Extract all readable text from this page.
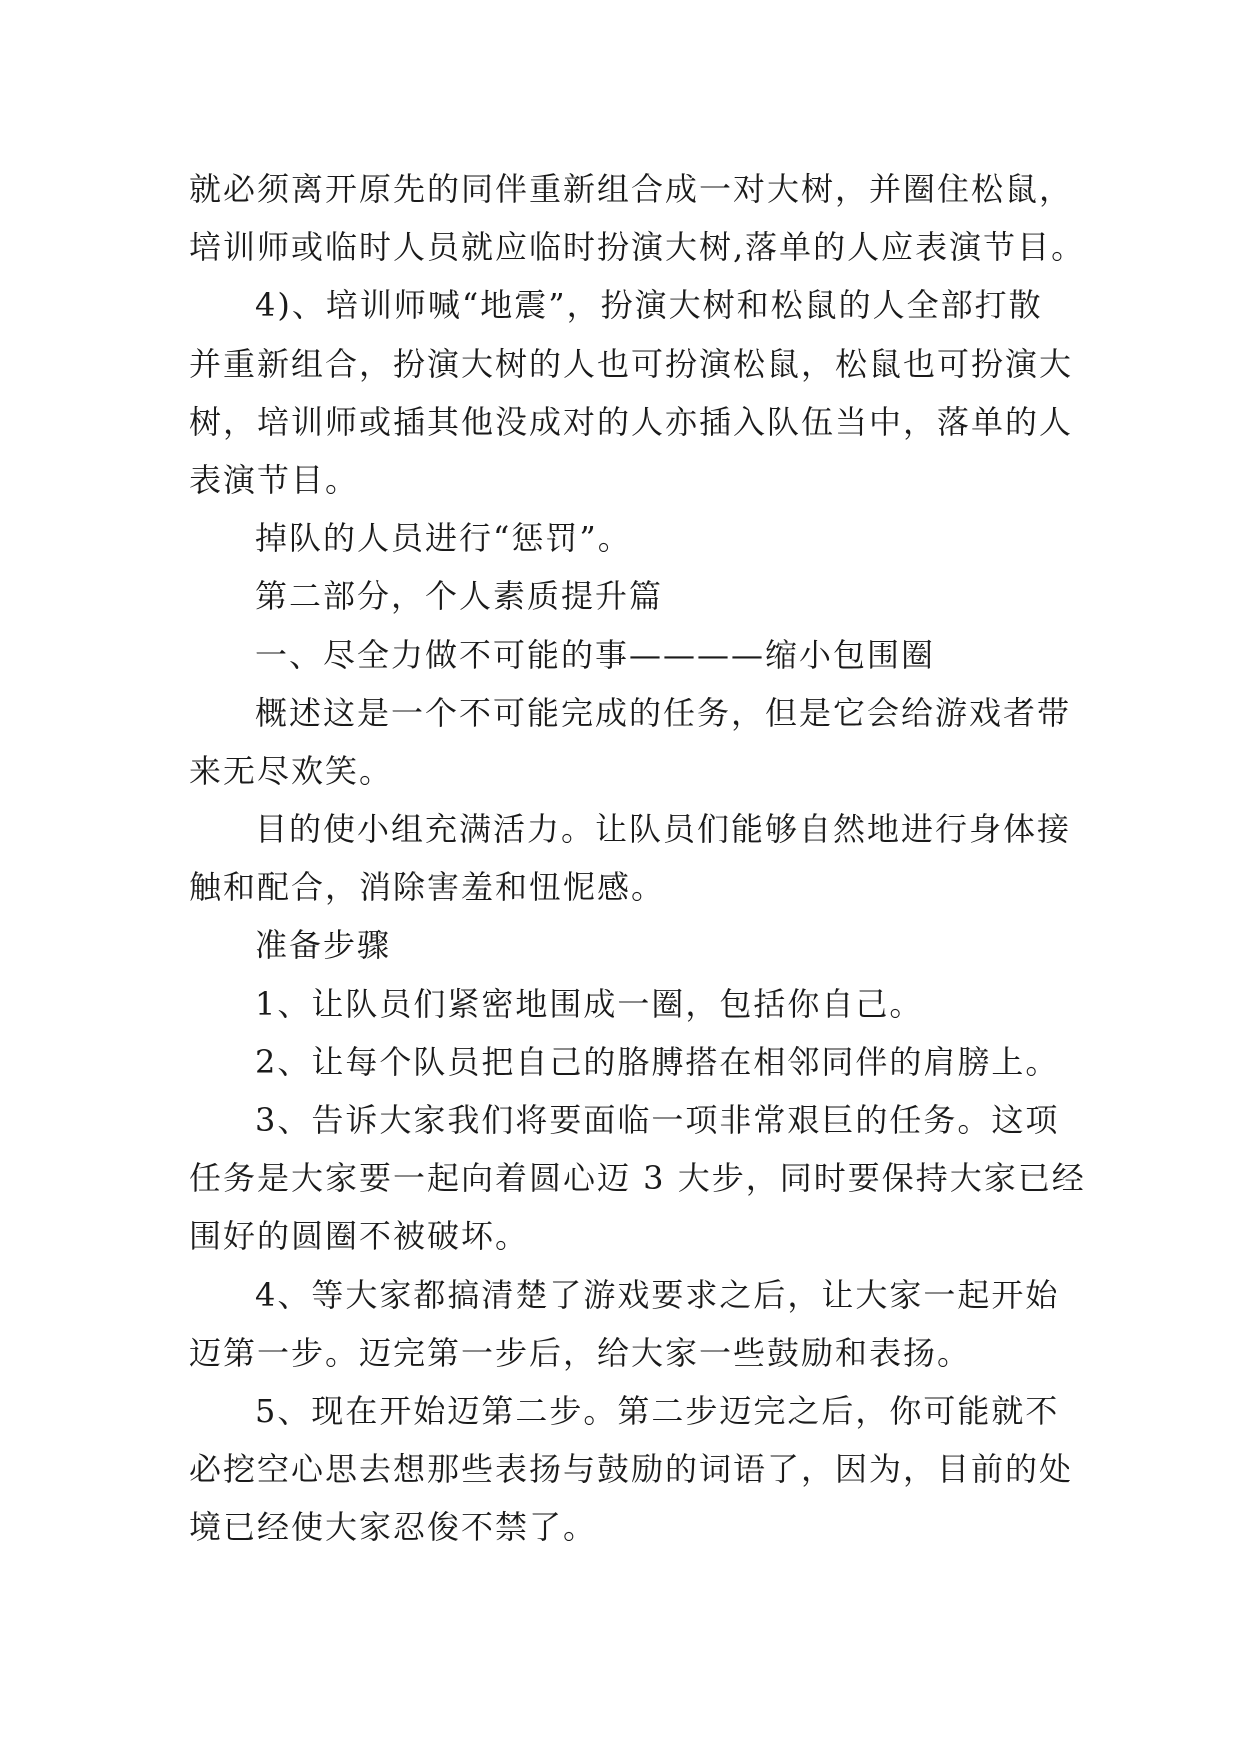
就必须离开原先的同伴重新组合成一对大树，并圈住松鼠，
培训师或临时人员就应临时扮演大树,落单的人应表演节目。
4)、培训师喊“地震”，扮演大树和松鼠的人全部打散
并重新组合，扮演大树的人也可扮演松鼠，松鼠也可扮演大
树，培训师或插其他没成对的人亦插入队伍当中，落单的人
表演节目。
掉队的人员进行“惩罚”。
第二部分，个人素质提升篇
一、尽全力做不可能的事————缩小包围圈
概述这是一个不可能完成的任务，但是它会给游戏者带
来无尽欢笑。
目的使小组充满活力。让队员们能够自然地进行身体接
触和配合，消除害羞和忸怩感。
准备步骤
1、让队员们紧密地围成一圈，包括你自己。
2、让每个队员把自己的胳膊搭在相邻同伴的肩膀上。
3、告诉大家我们将要面临一项非常艰巨的任务。这项
任务是大家要一起向着圆心迈 3 大步，同时要保持大家已经
围好的圆圈不被破坏。
4、等大家都搞清楚了游戏要求之后，让大家一起开始
迈第一步。迈完第一步后，给大家一些鼓励和表扬。
5、现在开始迈第二步。第二步迈完之后，你可能就不
必挖空心思去想那些表扬与鼓励的词语了，因为，目前的处
境已经使大家忍俊不禁了。
